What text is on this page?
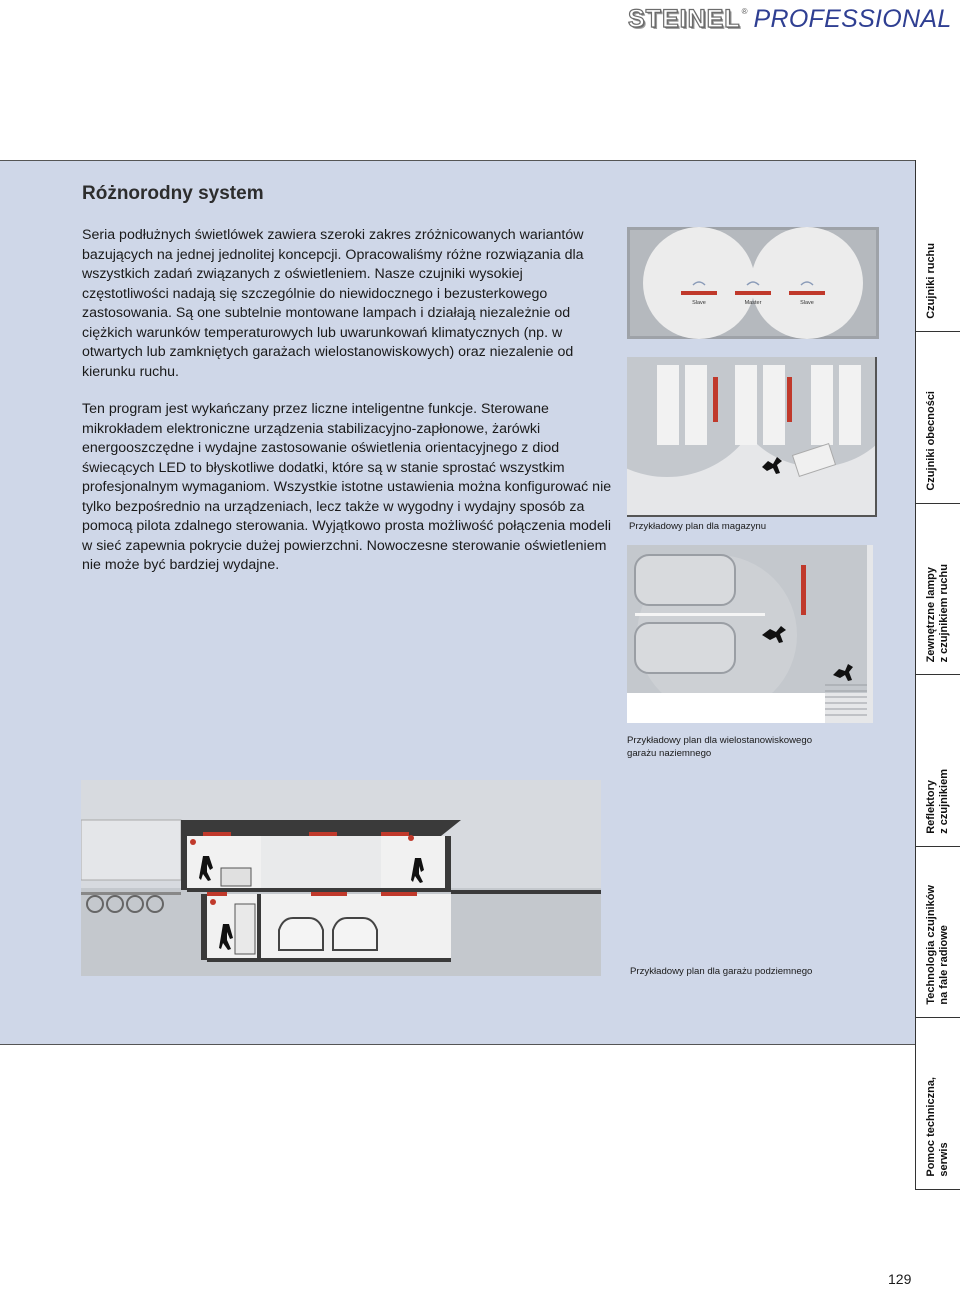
STEINEL ® PROFESSIONAL
Różnorodny system

Seria podłużnych świetlówek zawiera szeroki zakres zróżnicowanych wariantów bazujących na jednej jednolitej koncepcji. Opracowaliśmy różne rozwiązania dla wszystkich zadań związanych z oświetleniem. Nasze czujniki wysokiej częstotliwości nadają się szczególnie do niewidocznego i bezusterkowego zastosowania. Są one subtelnie montowane lampach i działają niezależnie od ciężkich warunków temperaturowych lub uwarunkowań klimatycznych (np. w otwartych lub zamkniętych garażach wielostanowiskowych) oraz niezalenie od kierunku ruchu.

Ten program jest wykańczany przez liczne inteligentne funkcje. Sterowane mikrokładem elektroniczne urządzenia stabilizacyjno-zapłonowe, żarówki energooszczędne i wydajne zastosowanie oświetlenia orientacyjnego z diod świecących LED to błyskotliwe dodatki, które są w stanie sprostać wszystkim profesjonalnym wymaganiom. Wszystkie istotne ustawienia można konfigurować nie tylko bezpośrednio na urządzeniach, lecz także w wygodny i wydajny sposób za pomocą pilota zdalnego sterowania. Wyjątkowo prosta możliwość połączenia modeli w sieć zapewnia pokrycie dużej powierzchni. Nowoczesne sterowanie oświetleniem nie może być bardziej wydajne.

Slave	Master	Slave
Przykładowy plan dla magazynu
Przykładowy plan dla wielostanowiskowego garażu naziemnego
Przykładowy plan dla garażu podziemnego
Czujniki ruchu
Czujniki obecności
Zewnętrzne lampy
z czujnikiem ruchu
Reflektory
z czujnikiem
Technologia czujników
na fale radiowe
Pomoc techniczna,
serwis
129
